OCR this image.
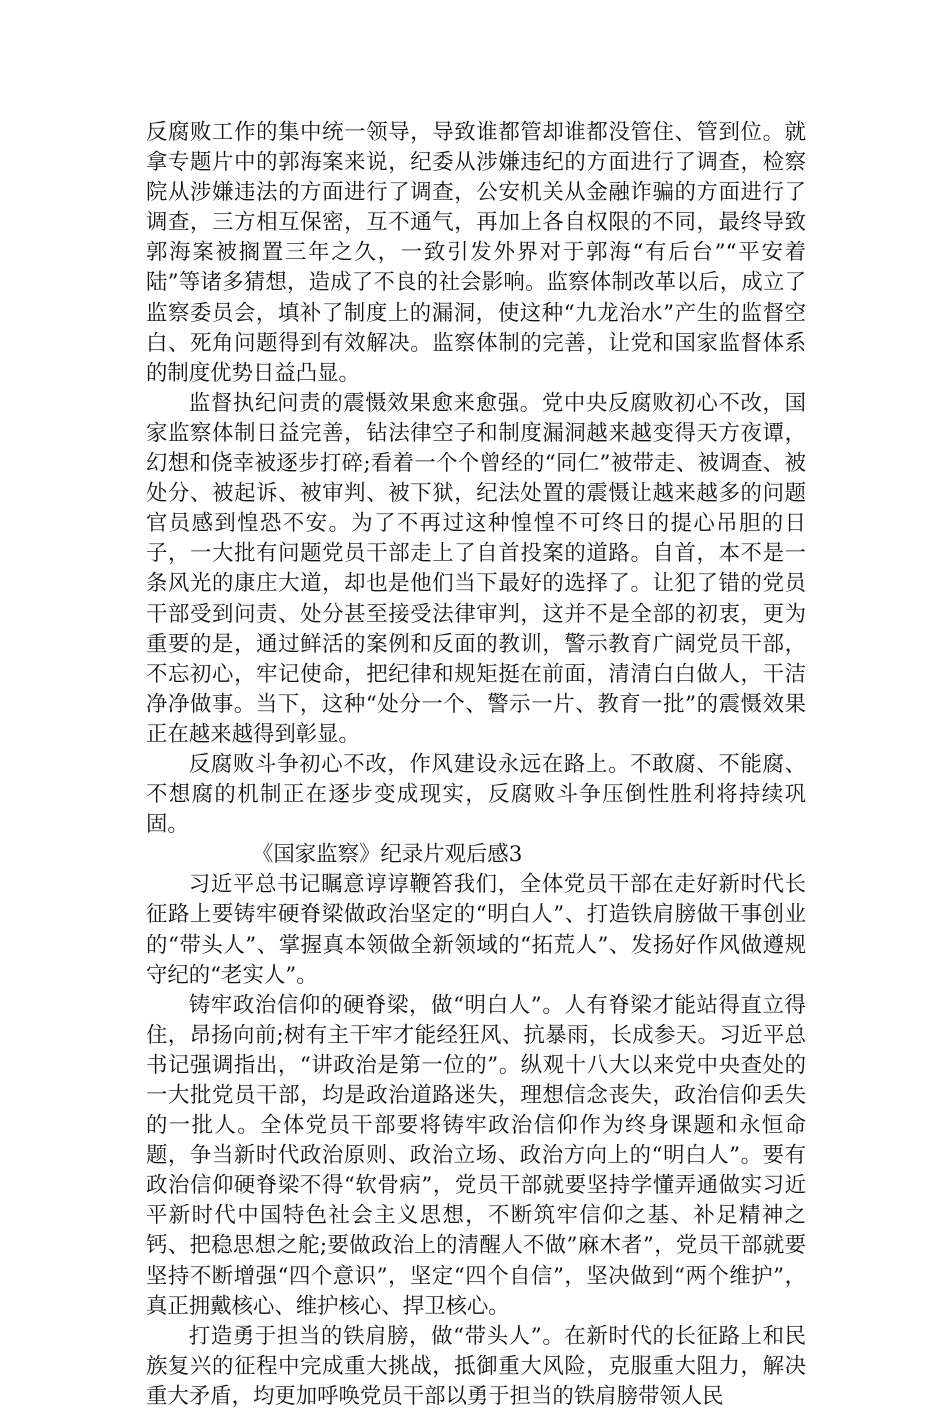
反腐败工作的集中统一领导，导致谁都管却谁都没管住、管到位。就拿专题片中的郭海案来说，纪委从涉嫌违纪的方面进行了调查，检察院从涉嫌违法的方面进行了调查，公安机关从金融诈骗的方面进行了调查，三方相互保密，互不通气，再加上各自权限的不同，最终导致郭海案被搁置三年之久，一致引发外界对于郭海“有后台”“平安着陆”等诸多猜想，造成了不良的社会影响。监察体制改革以后，成立了监察委员会，填补了制度上的漏洞，使这种“九龙治水”产生的监督空白、死角问题得到有效解决。监察体制的完善，让党和国家监督体系的制度优势日益凸显。

监督执纪问责的震慑效果愈来愈强。党中央反腐败初心不改，国家监察体制日益完善，钻法律空子和制度漏洞越来越变得天方夜谭，幻想和侥幸被逐步打碎;看着一个个曾经的“同仁”被带走、被调查、被处分、被起诉、被审判、被下狱，纪法处置的震慑让越来越多的问题官员感到惶恐不安。为了不再过这种惶惶不可终日的提心吊胆的日子，一大批有问题党员干部走上了自首投案的道路。自首，本不是一条风光的康庄大道，却也是他们当下最好的选择了。让犯了错的党员干部受到问责、处分甚至接受法律审判，这并不是全部的初衷，更为重要的是，通过鲜活的案例和反面的教训，警示教育广阔党员干部，不忘初心，牢记使命，把纪律和规矩挺在前面，清清白白做人，干洁净净做事。当下，这种“处分一个、警示一片、教育一批”的震慑效果正在越来越得到彰显。

反腐败斗争初心不改，作风建设永远在路上。不敢腐、不能腐、不想腐的机制正在逐步变成现实，反腐败斗争压倒性胜利将持续巩固。

《国家监察》纪录片观后感3

习近平总书记瞩意谆谆鞭笞我们，全体党员干部在走好新时代长征路上要铸牢硬脊梁做政治坚定的“明白人”、打造铁肩膀做干事创业的“带头人”、掌握真本领做全新领域的“拓荒人”、发扬好作风做遵规守纪的“老实人”。

铸牢政治信仰的硬脊梁，做“明白人”。人有脊梁才能站得直立得住，昂扬向前;树有主干牢才能经狂风、抗暴雨，长成参天。习近平总书记强调指出，“讲政治是第一位的”。纵观十八大以来党中央查处的一大批党员干部，均是政治道路迷失，理想信念丧失，政治信仰丢失的一批人。全体党员干部要将铸牢政治信仰作为终身课题和永恒命题，争当新时代政治原则、政治立场、政治方向上的“明白人”。要有政治信仰硬脊梁不得“软骨病”，党员干部就要坚持学懂弄通做实习近平新时代中国特色社会主义思想，不断筑牢信仰之基、补足精神之钙、把稳思想之舵;要做政治上的清醒人不做”麻木者”，党员干部就要坚持不断增强“四个意识”，坚定“四个自信”，坚决做到“两个维护”，真正拥戴核心、维护核心、捍卫核心。

打造勇于担当的铁肩膀，做“带头人”。在新时代的长征路上和民族复兴的征程中完成重大挑战，抵御重大风险，克服重大阻力，解决重大矛盾，均更加呼唤党员干部以勇于担当的铁肩膀带领人民
